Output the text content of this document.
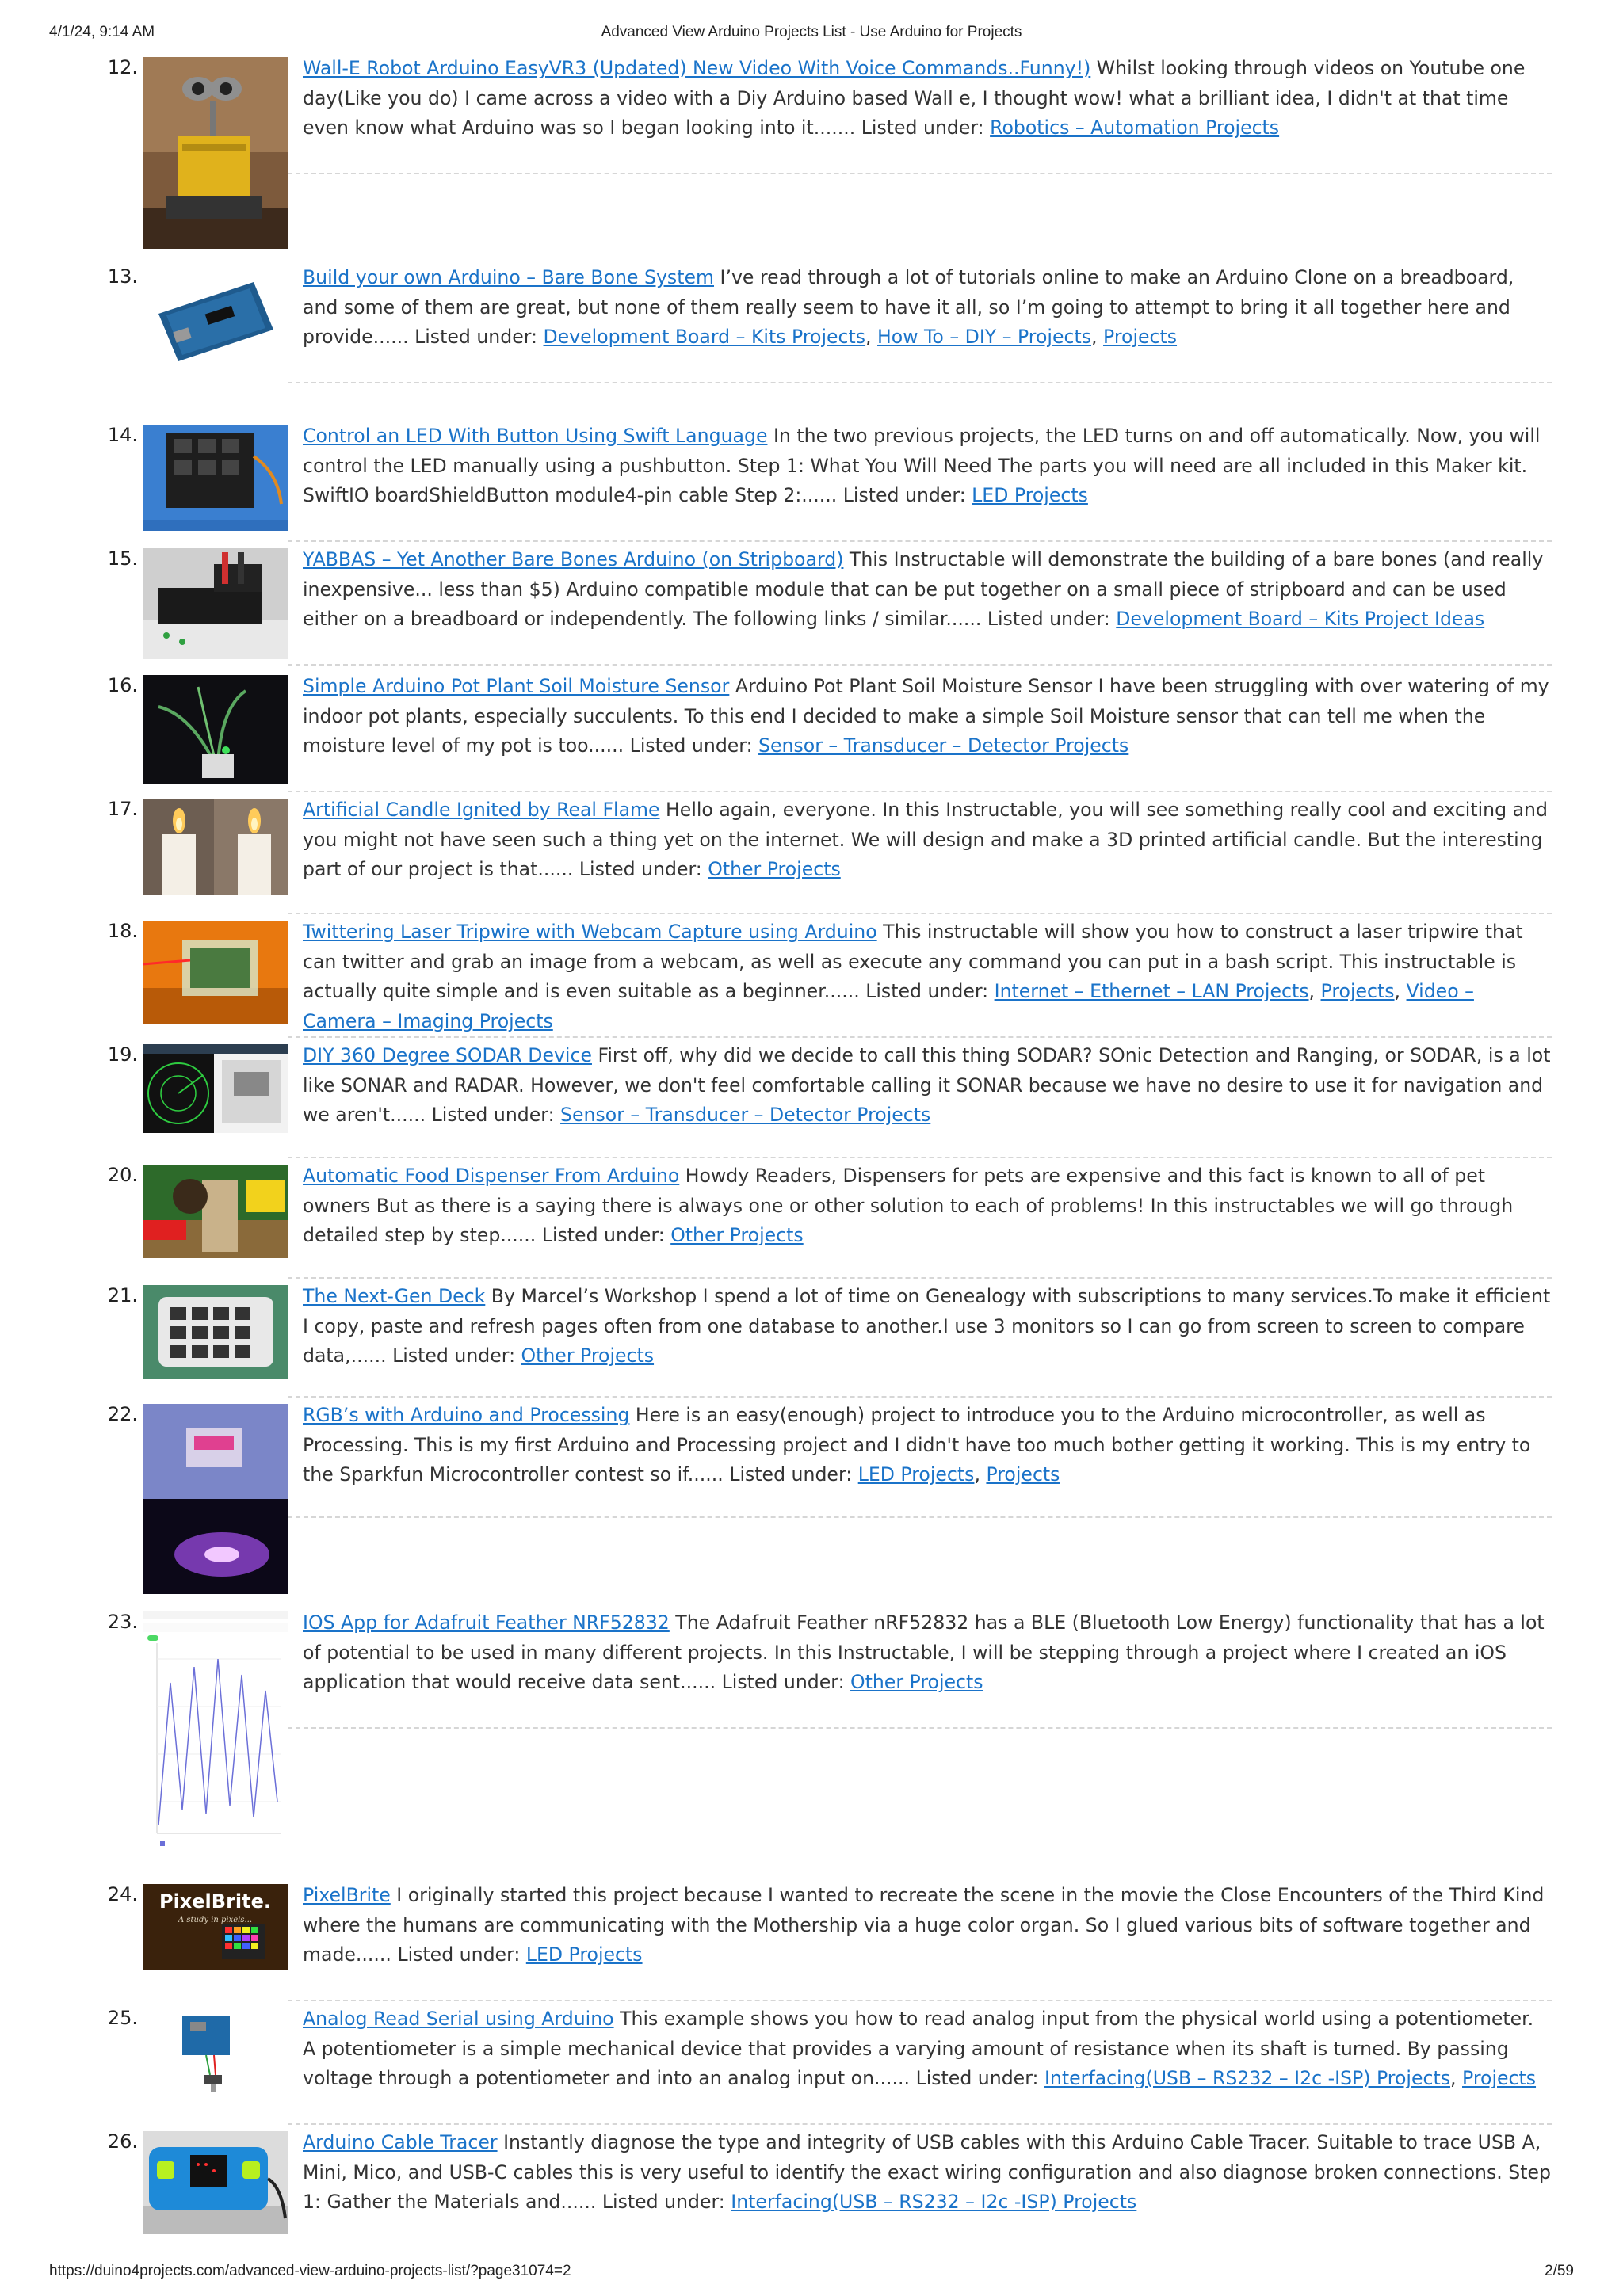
4/1/24, 9:14 AM	Advanced View Arduino Projects List - Use Arduino for Projects
12.	Wall-E Robot Arduino EasyVR3 (Updated) New Video With Voice Commands..Funny!) Whilst looking through videos on Youtube one day(Like you do) I came across a video with a Diy Arduino based Wall e, I thought wow! what a brilliant idea, I didn't at that time even know what Arduino was so I began looking into it....... Listed under: Robotics – Automation Projects
13.	Build your own Arduino – Bare Bone System I’ve read through a lot of tutorials online to make an Arduino Clone on a breadboard, and some of them are great, but none of them really seem to have it all, so I’m going to attempt to bring it all together here and provide...... Listed under: Development Board – Kits Projects, How To – DIY – Projects, Projects
14.	Control an LED With Button Using Swift Language In the two previous projects, the LED turns on and off automatically. Now, you will control the LED manually using a pushbutton. Step 1: What You Will Need The parts you will need are all included in this Maker kit. SwiftIO boardShieldButton module4-pin cable Step 2:...... Listed under: LED Projects
15.	YABBAS – Yet Another Bare Bones Arduino (on Stripboard) This Instructable will demonstrate the building of a bare bones (and really inexpensive... less than $5) Arduino compatible module that can be put together on a small piece of stripboard and can be used either on a breadboard or independently. The following links / similar...... Listed under: Development Board – Kits Project Ideas
16.	Simple Arduino Pot Plant Soil Moisture Sensor Arduino Pot Plant Soil Moisture Sensor I have been struggling with over watering of my indoor pot plants, especially succulents. To this end I decided to make a simple Soil Moisture sensor that can tell me when the moisture level of my pot is too...... Listed under: Sensor – Transducer – Detector Projects
17.	Artificial Candle Ignited by Real Flame Hello again, everyone. In this Instructable, you will see something really cool and exciting and you might not have seen such a thing yet on the internet. We will design and make a 3D printed artificial candle. But the interesting part of our project is that...... Listed under: Other Projects
18.	Twittering Laser Tripwire with Webcam Capture using Arduino This instructable will show you how to construct a laser tripwire that can twitter and grab an image from a webcam, as well as execute any command you can put in a bash script. This instructable is actually quite simple and is even suitable as a beginner...... Listed under: Internet – Ethernet – LAN Projects, Projects, Video – Camera – Imaging Projects
19.	DIY 360 Degree SODAR Device First off, why did we decide to call this thing SODAR? SOnic Detection and Ranging, or SODAR, is a lot like SONAR and RADAR. However, we don't feel comfortable calling it SONAR because we have no desire to use it for navigation and we aren't...... Listed under: Sensor – Transducer – Detector Projects
20.	Automatic Food Dispenser From Arduino Howdy Readers, Dispensers for pets are expensive and this fact is known to all of pet owners But as there is a saying there is always one or other solution to each of problems! In this instructables we will go through detailed step by step...... Listed under: Other Projects
21.	The Next-Gen Deck By Marcel’s Workshop I spend a lot of time on Genealogy with subscriptions to many services.To make it efficient I copy, paste and refresh pages often from one database to another.I use 3 monitors so I can go from screen to screen to compare data,...... Listed under: Other Projects
22.	RGB’s with Arduino and Processing Here is an easy(enough) project to introduce you to the Arduino microcontroller, as well as Processing. This is my first Arduino and Processing project and I didn't have too much bother getting it working. This is my entry to the Sparkfun Microcontroller contest so if...... Listed under: LED Projects, Projects
23.	IOS App for Adafruit Feather NRF52832 The Adafruit Feather nRF52832 has a BLE (Bluetooth Low Energy) functionality that has a lot of potential to be used in many different projects. In this Instructable, I will be stepping through a project where I created an iOS application that would receive data sent...... Listed under: Other Projects
24.	PixelBrite.
A study in pixels...
PixelBrite I originally started this project because I wanted to recreate the scene in the movie the Close Encounters of the Third Kind where the humans are communicating with the Mothership via a huge color organ. So I glued various bits of software together and made...... Listed under: LED Projects
25.	Analog Read Serial using Arduino This example shows you how to read analog input from the physical world using a potentiometer.
A potentiometer is a simple mechanical device that provides a varying amount of resistance when its shaft is turned. By passing voltage through a potentiometer and into an analog input on...... Listed under: Interfacing(USB – RS232 – I2c -ISP) Projects, Projects
26.	Arduino Cable Tracer Instantly diagnose the type and integrity of USB cables with this Arduino Cable Tracer. Suitable to trace USB A, Mini, Mico, and USB-C cables this is very useful to identify the exact wiring configuration and also diagnose broken connections. Step 1: Gather the Materials and...... Listed under: Interfacing(USB – RS232 – I2c -ISP) Projects
https://duino4projects.com/advanced-view-arduino-projects-list/?page31074=2	2/59
